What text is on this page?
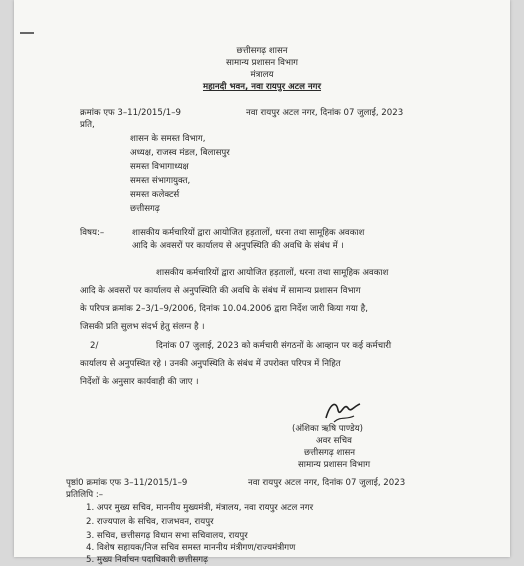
छत्तीसगढ़ शासन
सामान्य प्रशासन विभाग
मंत्रालय
महानदी भवन, नवा रायपुर अटल नगर
क्रमांक एफ 3–11/2015/1–9	नवा रायपुर अटल नगर, दिनांक 07 जुलाई, 2023
प्रति,
शासन के समस्त विभाग,
अध्यक्ष, राजस्व मंडल, बिलासपुर
समस्त विभागाध्यक्ष
समस्त संभागायुक्त,
समस्त कलेक्टर्स
छत्तीसगढ़
विषय:–	शासकीय कर्मचारियों द्वारा आयोजित हड़तालों, धरना तथा सामूहिक अवकाश
आदि के अवसरों पर कार्यालय से अनुपस्थिति की अवधि के संबंध में ।
शासकीय कर्मचारियों द्वारा आयोजित हड़तालों, धरना तथा सामूहिक अवकाश
आदि के अवसरों पर कार्यालय से अनुपस्थिति की अवधि के संबंध में सामान्य प्रशासन विभाग
के परिपत्र क्रमांक 2–3/1–9/2006, दिनांक 10.04.2006 द्वारा निर्देश जारी किया गया है,
जिसकी प्रति सुलभ संदर्भ हेतु संलग्न है ।
2/	दिनांक 07 जुलाई, 2023 को कर्मचारी संगठनों के आव्हान पर कई कर्मचारी
कार्यालय से अनुपस्थित रहे । उनकी अनुपस्थिति के संबंध में उपरोक्त परिपत्र में निहित
निर्देशों के अनुसार कार्यवाही की जाए ।
(अंशिका ऋषि पाण्डेय)
अवर सचिव
छत्तीसगढ़ शासन
सामान्य प्रशासन विभाग
पृष्ठां0 क्रमांक एफ 3–11/2015/1–9	नवा रायपुर अटल नगर, दिनांक 07 जुलाई, 2023
प्रतिलिपि :–
1. अपर मुख्य सचिव, माननीय मुख्यमंत्री, मंत्रालय, नवा रायपुर अटल नगर
2. राज्यपाल के सचिव, राजभवन, रायपुर
3. सचिव, छत्तीसगढ़ विधान सभा सचिवालय, रायपुर
4. विशेष सहायक/निज सचिव समस्त माननीय मंत्रीगण/राज्यमंत्रीगण
5. मुख्य निर्वाचन पदाधिकारी छत्तीसगढ़
